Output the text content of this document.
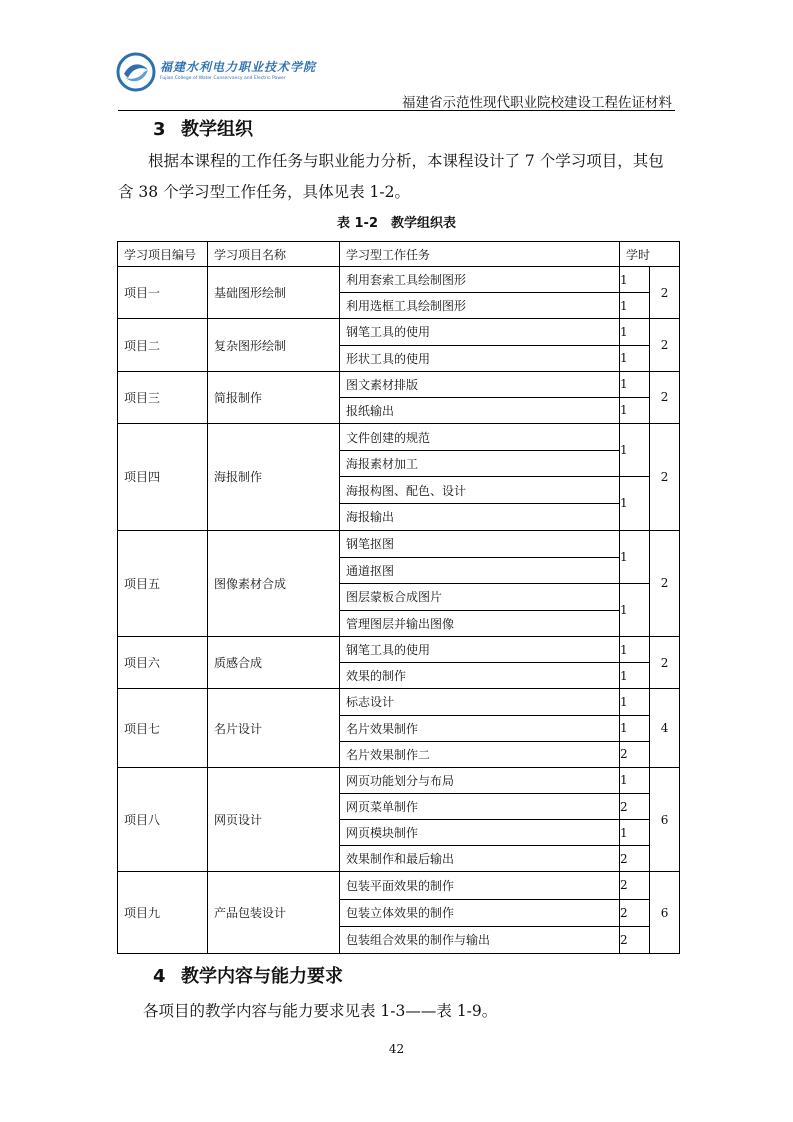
福建水利电力职业技术学院
Fujian College of Water Conservancy and Electric Power
福建省示范性现代职业院校建设工程佐证材料
3 教学组织
根据本课程的工作任务与职业能力分析，本课程设计了 7 个学习项目，其包含 38 个学习型工作任务，具体见表 1-2。
表 1-2　教学组织表
学习项目编号	学习项目名称	学习型工作任务	学时	
项目一	基础图形绘制	利用套索工具绘制图形	1	2
		利用选框工具绘制图形	1	
项目二	复杂图形绘制	钢笔工具的使用	1	2
		形状工具的使用	1	
项目三	简报制作	图文素材排版	1	2
		报纸输出	1	
项目四	海报制作	文件创建的规范	1	2
		海报素材加工		
		海报构图、配色、设计	1	
		海报输出		
项目五	图像素材合成	钢笔抠图	1	2
		通道抠图		
		图层蒙板合成图片	1	
		管理图层并输出图像		
项目六	质感合成	钢笔工具的使用	1	2
		效果的制作	1	
项目七	名片设计	标志设计	1	4
		名片效果制作	1	
		名片效果制作二	2	
项目八	网页设计	网页功能划分与布局	1	6
		网页菜单制作	2	
		网页模块制作	1	
		效果制作和最后输出	2	
项目九	产品包装设计	包装平面效果的制作	2	6
		包装立体效果的制作	2	
		包装组合效果的制作与输出	2	
4 教学内容与能力要求
各项目的教学内容与能力要求见表 1-3——表 1-9。
42
